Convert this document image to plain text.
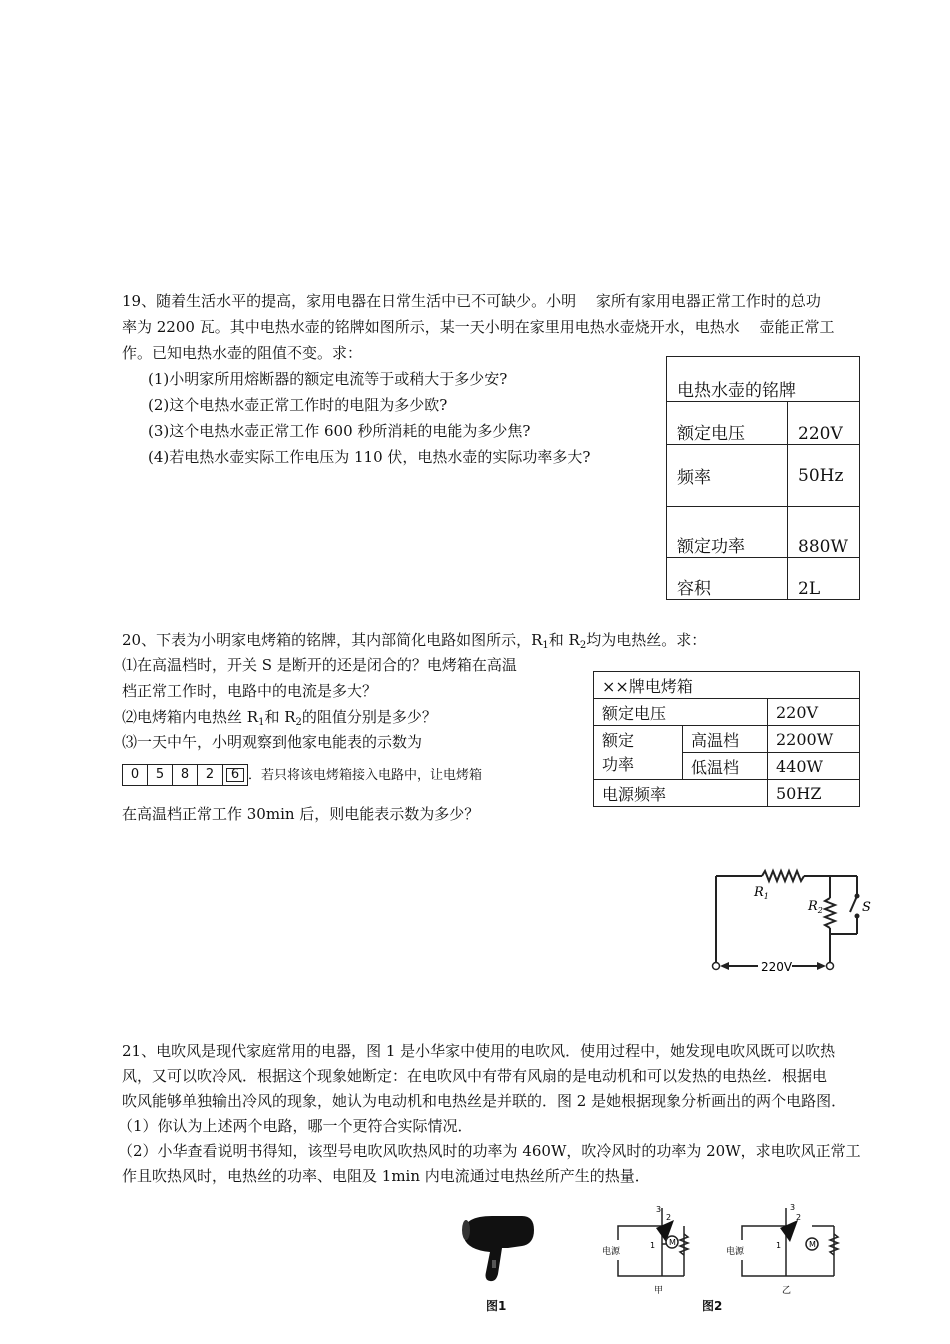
19、随着生活水平的提高，家用电器在日常生活中已不可缺少。小明　 家所有家用电器正常工作时的总功
率为 2200 瓦。其中电热水壶的铭牌如图所示，某一天小明在家里用电热水壶烧开水，电热水　 壶能正常工
作。已知电热水壶的阻值不变。求：
(1)小明家所用熔断器的额定电流等于或稍大于多少安?
(2)这个电热水壶正常工作时的电阻为多少欧?
(3)这个电热水壶正常工作 600 秒所消耗的电能为多少焦?
(4)若电热水壶实际工作电压为 110 伏，电热水壶的实际功率多大?
电热水壶的铭牌	
额定电压	220V
频率	50Hz
额定功率	880W
容积	2L
20、下表为小明家电烤箱的铭牌，其内部简化电路如图所示，$R_1$和 $R_2$均为电热丝。求：
⑴在高温档时，开关 S 是断开的还是闭合的？电烤箱在高温
档正常工作时，电路中的电流是多大？
⑵电烤箱内电热丝 $R_1$和 $R_2$的阻值分别是多少？
⑶一天中午，小明观察到他家电能表的示数为
0	5	8	2	6 ．若只将该电烤箱接入电路中，让电烤箱
在高温档正常工作 30min 后，则电能表示数为多少？
××牌电烤箱		
额定电压		220V

额定
功率	高温档	2200W
	低温档	440W
电源频率		50HZ
$R_1$
$R_2$	S
220V
21、电吹风是现代家庭常用的电器，图 1 是小华家中使用的电吹风．使用过程中，她发现电吹风既可以吹热
风，又可以吹冷风．根据这个现象她断定：在电吹风中有带有风扇的是电动机和可以发热的电热丝．根据电
吹风能够单独输出冷风的现象，她认为电动机和电热丝是并联的．图 2 是她根据现象分析画出的两个电路图．
（1）你认为上述两个电路，哪一个更符合实际情况．
（2）小华查看说明书得知，该型号电吹风吹热风时的功率为 460W，吹冷风时的功率为 20W，求电吹风正常工
作且吹热风时，电热丝的功率、电阻及 1min 内电流通过电热丝所产生的热量．
图1
M	M
电源	电源
3
2
1
3
2
1
甲	乙
图2
